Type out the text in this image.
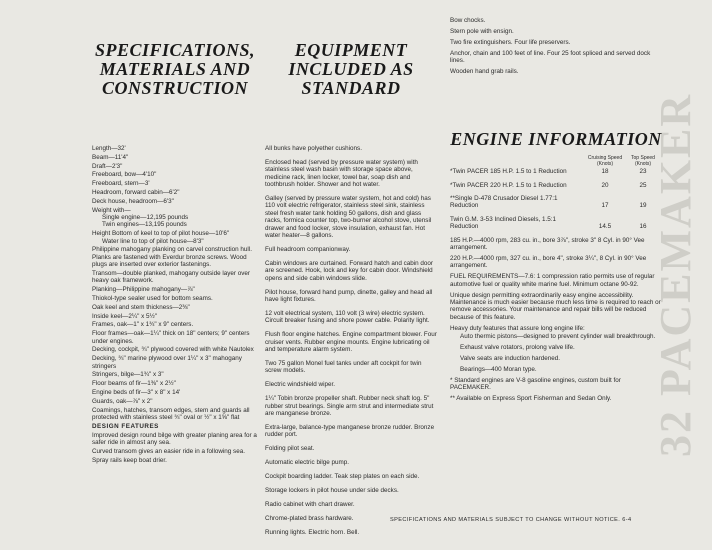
32 PACEMAKER
SPECIFICATIONS, MATERIALS AND CONSTRUCTION

Length—32'

Beam—11'4"

Draft—2'3"

Freeboard, bow—4'10"

Freeboard, stern—3'

Headroom, forward cabin—6'2"

Deck house, headroom—6'3"

Weight with—

Single engine—12,195 pounds

Twin engines—13,195 pounds

Height Bottom of keel to top of pilot house—10'6"

Water line to top of pilot house—8'3"

Philippine mahogany planking on carvel construction hull. Planks are fastened with Everdur bronze screws. Wood plugs are inserted over exterior fastenings.

Transom—double planked, mahogany outside layer over heavy oak framework.

Planking—Philippine mahogany—⅞"

Thiokol-type sealer used for bottom seams.

Oak keel and stem thickness—2⅜"

Inside keel—2¼" x 5½"

Frames, oak—1" x 1¾" x 9" centers.

Floor frames—oak—1¼" thick on 18" centers; 9" centers under engines.

Decking, cockpit, ¾" plywood covered with white Nautolex

Decking, ¾" marine plywood over 1¼" x 3" mahogany stringers

Stringers, bilge—1¾" x 3"

Floor beams of fir—1⅜" x 2½"

Engine beds of fir—3" x 8" x 14'

Guards, oak—⅞" x 2"

Coamings, hatches, transom edges, stem and guards all protected with stainless steel ¾" oval or ½" x 1⅝" flat

DESIGN FEATURES

Improved design round bilge with greater planing area for a safer ride in almost any sea.

Curved transom gives an easier ride in a following sea.

Spray rails keep boat drier.

EQUIPMENT INCLUDED AS STANDARD

All bunks have polyether cushions.

Enclosed head (served by pressure water system) with stainless steel wash basin with storage space above, medicine rack, linen locker, towel bar, soap dish and toothbrush holder. Shower and hot water.

Galley (served by pressure water system, hot and cold) has 110 volt electric refrigerator, stainless steel sink, stainless steel fresh water tank holding 50 gallons, dish and glass racks, formica counter top, two-burner alcohol stove, utensil drawer and food locker, stove insulation, exhaust fan. Hot water heater—8 gallons.

Full headroom companionway.

Cabin windows are curtained. Forward hatch and cabin door are screened. Hook, lock and key for cabin door. Windshield opens and side cabin windows slide.

Pilot house, forward hand pump, dinette, galley and head all have light fixtures.

12 volt electrical system, 110 volt (3 wire) electric system. Circuit breaker fusing and shore power cable. Polarity light.

Flush floor engine hatches. Engine compartment blower. Four cruiser vents. Rubber engine mounts. Engine lubricating oil and temperature alarm system.

Two 75 gallon Monel fuel tanks under aft cockpit for twin screw models.

Electric windshield wiper.

1¼" Tobin bronze propeller shaft. Rubber neck shaft log. 5" rubber strut bearings. Single arm strut and intermediate strut are manganese bronze.

Extra-large, balance-type manganese bronze rudder. Bronze rudder port.

Folding pilot seat.

Automatic electric bilge pump.

Cockpit boarding ladder. Teak step plates on each side.

Storage lockers in pilot house under side decks.

Radio cabinet with chart drawer.

Chrome-plated brass hardware.

Running lights. Electric horn. Bell.

Bow chocks.

Stern pole with ensign.

Two fire extinguishers. Four life preservers.

Anchor, chain and 100 feet of line. Four 25 foot spliced and served dock lines.

Wooden hand grab rails.

ENGINE INFORMATION
	Cruising Speed (Knots)	Top Speed (Knots)
*Twin PACER 185 H.P. 1.5 to 1 Reduction	18	23
*Twin PACER 220 H.P. 1.5 to 1 Reduction	20	25
**Single D-478 Crusador Diesel 1.77:1 Reduction	17	19
Twin G.M. 3-53 Inclined Diesels, 1.5:1 Reduction	14.5	16

185 H.P.—4000 rpm, 283 cu. in., bore 3⅞", stroke 3" 8 Cyl. in 90° Vee arrangement.

220 H.P.—4000 rpm, 327 cu. in., bore 4", stroke 3¼", 8 Cyl. in 90° Vee arrangement.

FUEL REQUIREMENTS—7.6: 1 compression ratio permits use of regular automotive fuel or quality white marine fuel. Minimum octane 90-92.

Unique design permitting extraordinarily easy engine accessibility. Maintenance is much easier because much less time is required to reach or remove accessories. Your maintenance and repair bills will be reduced because of this feature.

Heavy duty features that assure long engine life:

Auto thermic pistons—designed to prevent cylinder wall breakthrough.

Exhaust valve rotators, prolong valve life.

Valve seats are induction hardened.

Bearings—400 Moran type.

* Standard engines are V-8 gasoline engines, custom built for PACEMAKER.

** Available on Express Sport Fisherman and Sedan Only.

SPECIFICATIONS AND MATERIALS SUBJECT TO CHANGE WITHOUT NOTICE. 6-4
